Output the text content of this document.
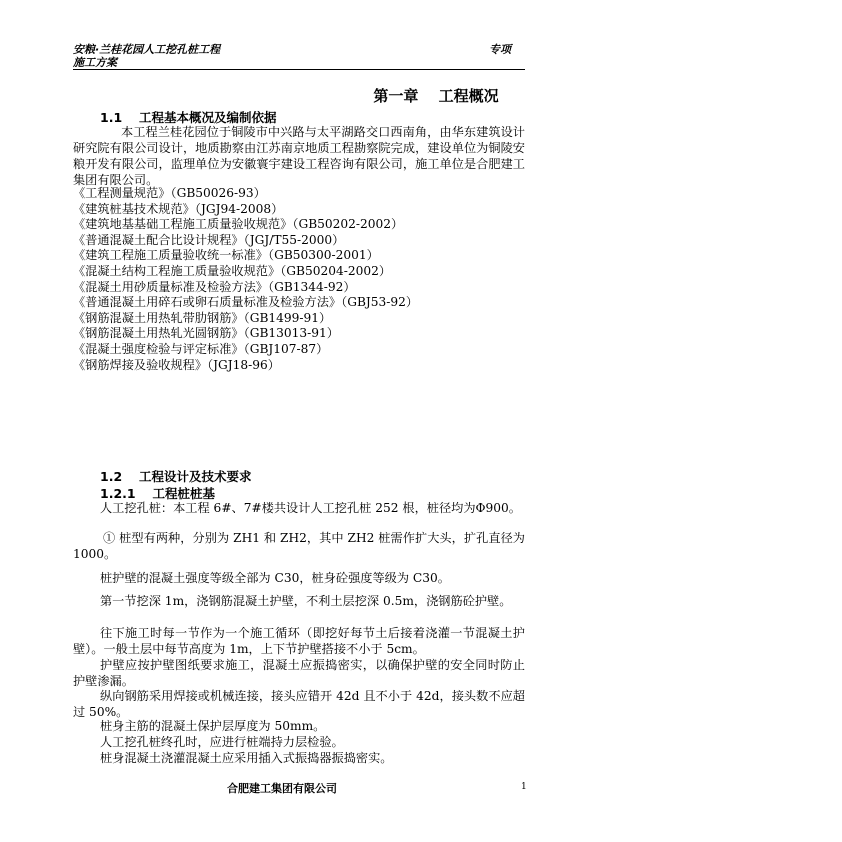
安粮·兰桂花园人工挖孔桩工程
施工方案
专项
第一章　 工程概况
1.1　 工程基本概况及编制依据
本工程兰桂花园位于铜陵市中兴路与太平湖路交口西南角，由华东建筑设计研究院有限公司设计，地质勘察由江苏南京地质工程勘察院完成，建设单位为铜陵安粮开发有限公司，监理单位为安徽寰宇建设工程咨询有限公司，施工单位是合肥建工集团有限公司。
《工程测量规范》（GB50026-93）
《建筑桩基技术规范》（JGJ94-2008）
《建筑地基基础工程施工质量验收规范》（GB50202-2002）
《普通混凝土配合比设计规程》（JGJ/T55-2000）
《建筑工程施工质量验收统一标准》（GB50300-2001）
《混凝土结构工程施工质量验收规范》（GB50204-2002）
《混凝土用砂质量标准及检验方法》（GB1344-92）
《普通混凝土用碎石或卵石质量标准及检验方法》（GBJ53-92）
《钢筋混凝土用热轧带肋钢筋》（GB1499-91）
《钢筋混凝土用热轧光圆钢筋》（GB13013-91）
《混凝土强度检验与评定标准》（GBJ107-87）
《钢筋焊接及验收规程》（JGJ18-96）
1.2　 工程设计及技术要求
1.2.1　 工程桩桩基
人工挖孔桩：本工程 6#、7#楼共设计人工挖孔桩 252 根，桩径均为Φ900。
① 桩型有两种，分别为 ZH1 和 ZH2，其中 ZH2 桩需作扩大头，扩孔直径为 1000。
桩护壁的混凝土强度等级全部为 C30，桩身砼强度等级为 C30。
第一节挖深 1m，浇钢筋混凝土护壁，不利土层挖深 0.5m，浇钢筋砼护壁。
往下施工时每一节作为一个施工循环（即挖好每节土后接着浇灌一节混凝土护壁）。一般土层中每节高度为 1m，上下节护壁搭接不小于 5cm。
护壁应按护壁图纸要求施工，混凝土应振捣密实，以确保护壁的安全同时防止护壁渗漏。
纵向钢筋采用焊接或机械连接，接头应错开 42d 且不小于 42d，接头数不应超过 50%。
桩身主筋的混凝土保护层厚度为 50mm。
人工挖孔桩终孔时，应进行桩端持力层检验。
桩身混凝土浇灌混凝土应采用插入式振捣器振捣密实。
合肥建工集团有限公司	1
